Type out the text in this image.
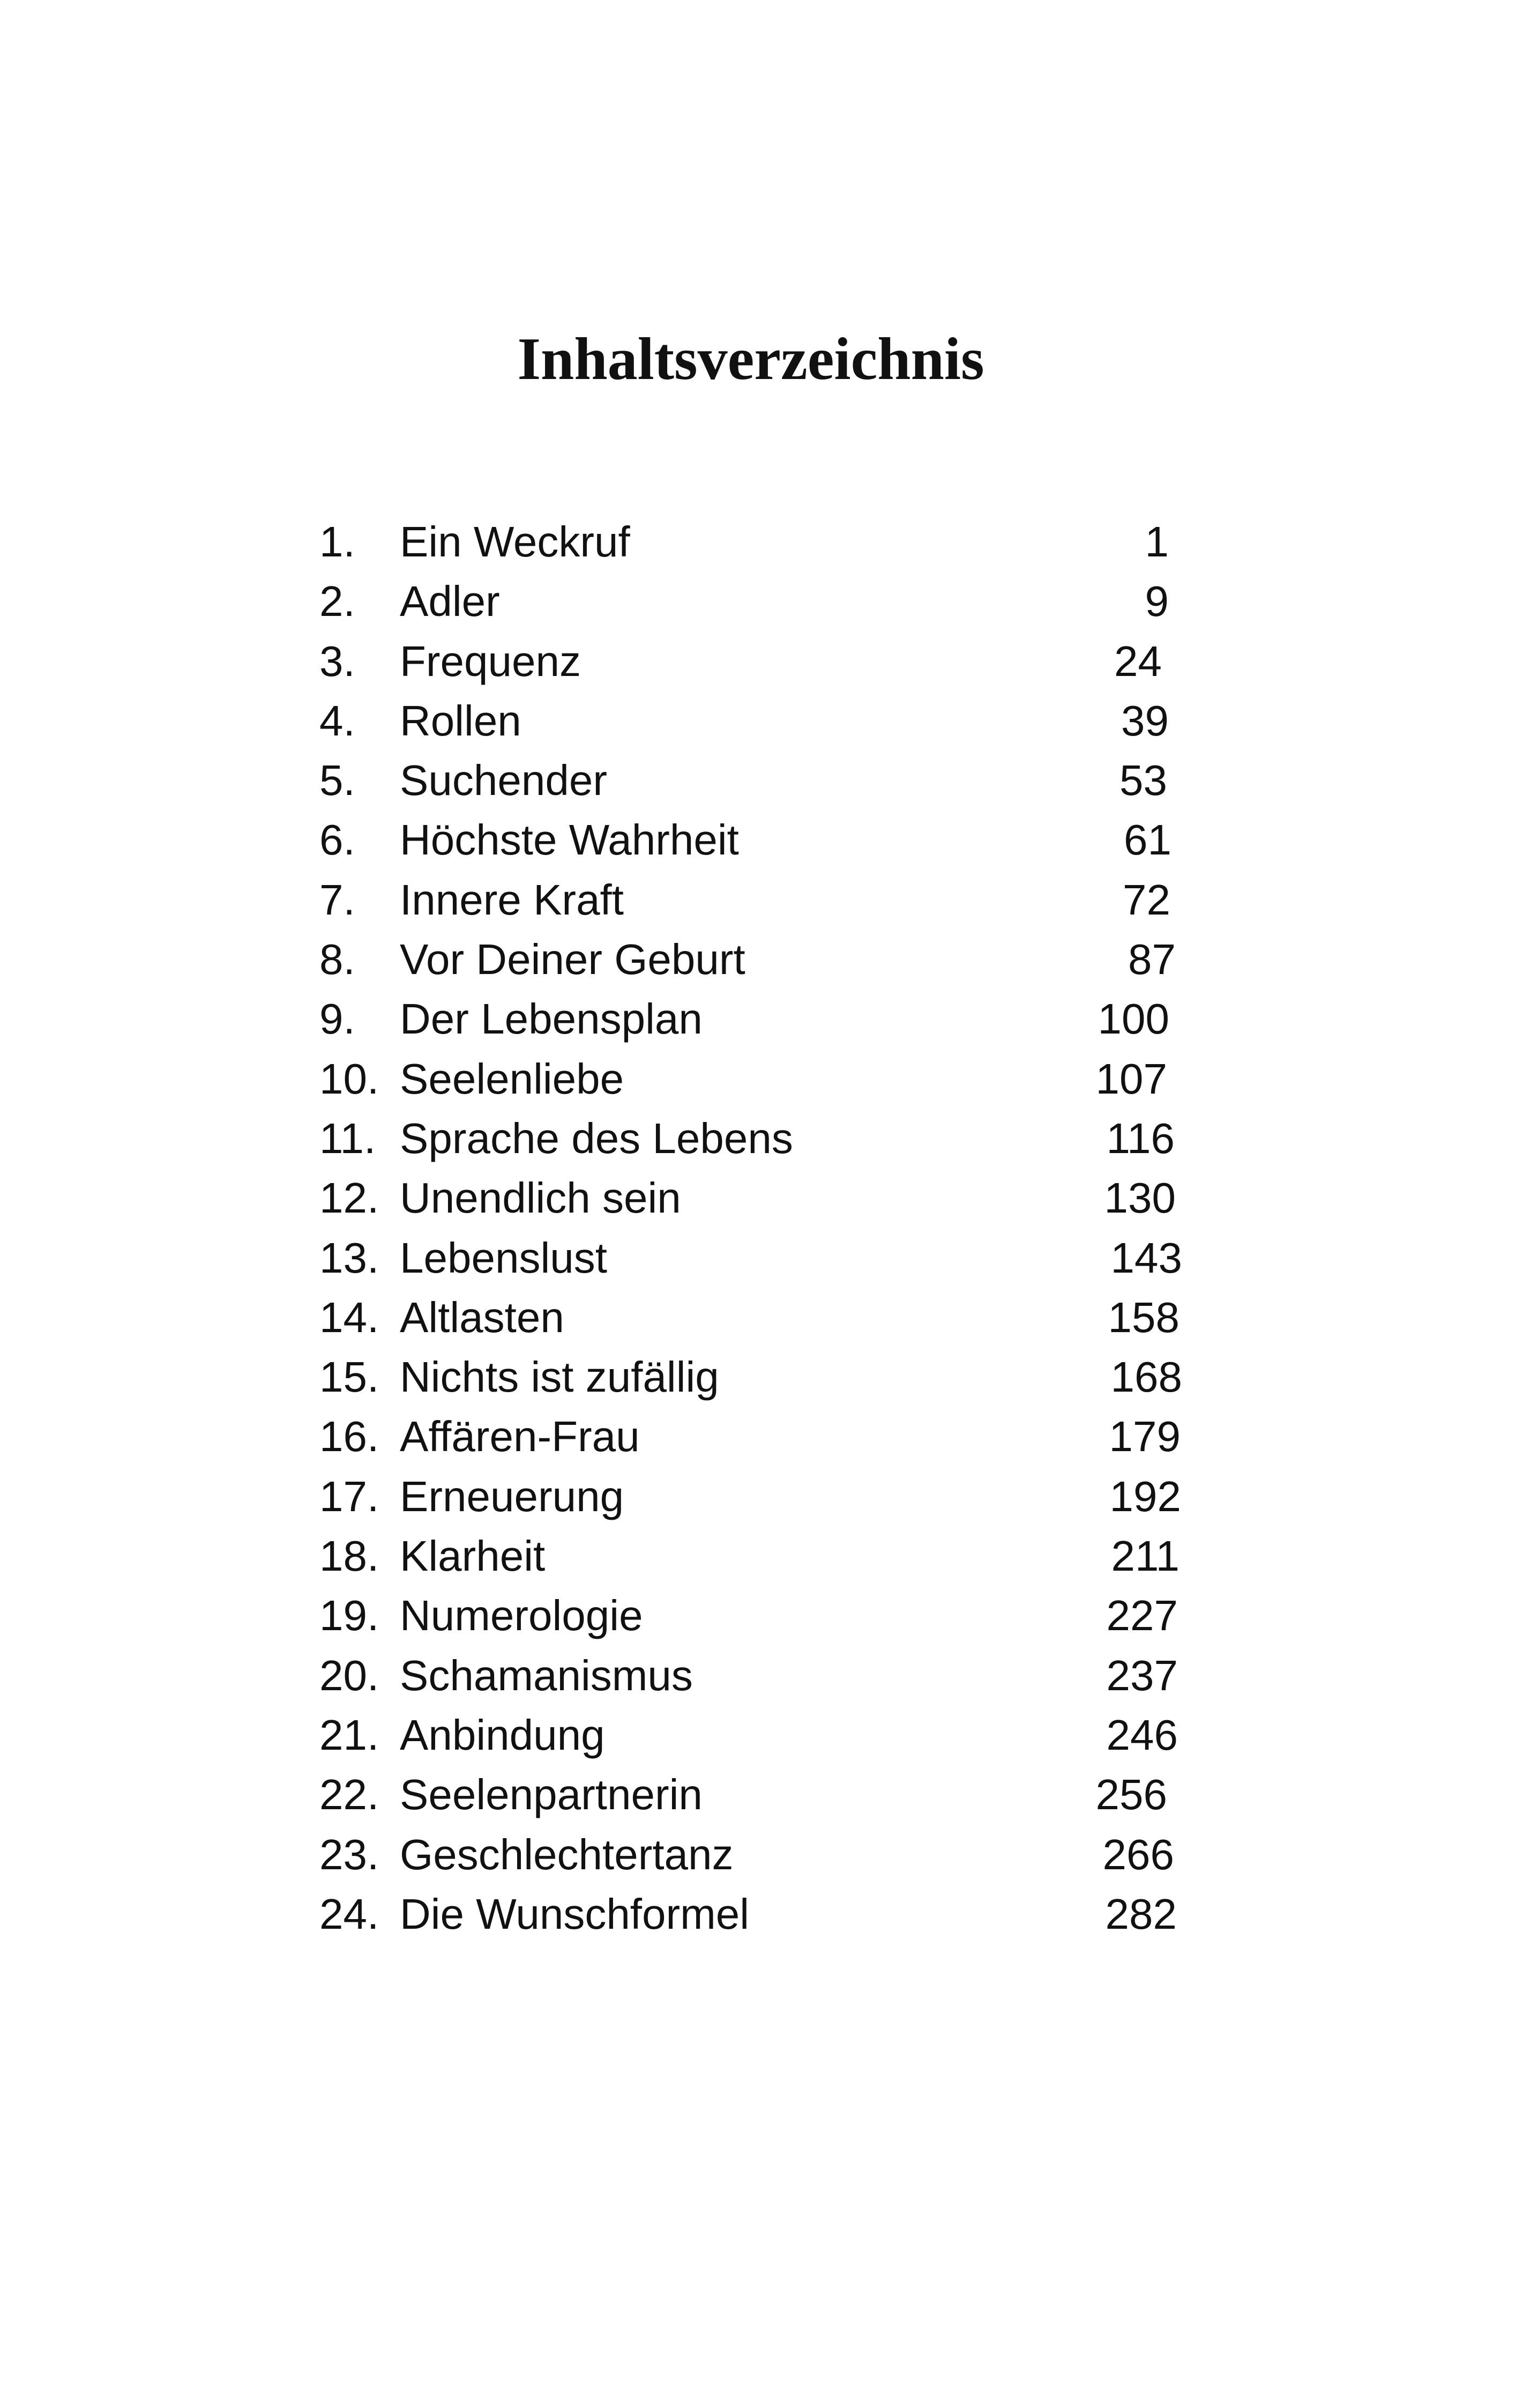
Inhaltsverzeichnis
1. Ein Weckruf	1
2. Adler	9
3. Frequenz	24
4. Rollen	39
5. Suchender	53
6. Höchste Wahrheit	61
7. Innere Kraft	72
8. Vor Deiner Geburt	87
9. Der Lebensplan	100
10. Seelenliebe	107
11. Sprache des Lebens	116
12. Unendlich sein	130
13. Lebenslust	143
14. Altlasten	158
15. Nichts ist zufällig	168
16. Affären-Frau	179
17. Erneuerung	192
18. Klarheit	211
19. Numerologie	227
20. Schamanismus	237
21. Anbindung	246
22. Seelenpartnerin	256
23. Geschlechtertanz	266
24. Die Wunschformel	282
